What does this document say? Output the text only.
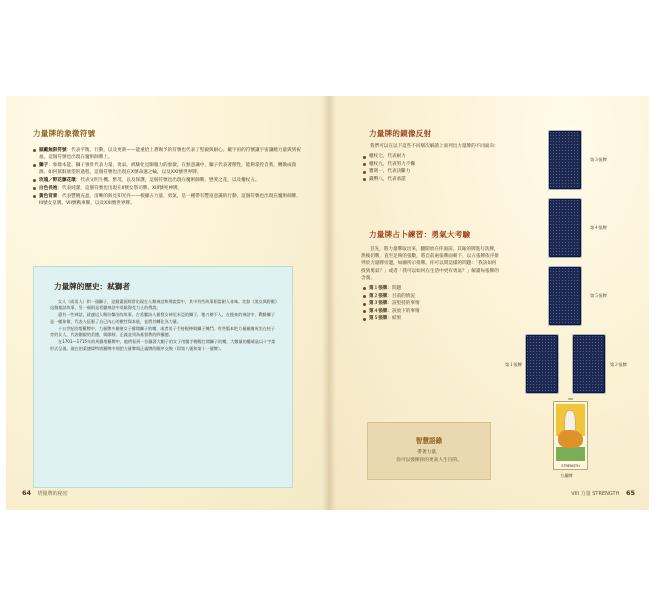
力量牌的象徵符號
頭戴無限符號：代表平衡、行動，以及更新——能重拾上蒼賜予的符號也代表了堅毅與耐心。戴宇宙的符號讓宇宙讓她力量與到祝福，這個符號也出現在魔術師牌上。
獅子：象徵本能、獅子強壯代表力量、勇氣。被馴化見馴服力的象徵。在無意識中，獅子代表著獸性，能夠掌控自我，轉換成資源。如何駕馭欲望的過程，這個符號也出現在X號命運之輪，以及XXI號世界牌。
玫瑰／野花藤花環：代表文明生機、繁茂，以及保護，這個符號也出現在魔術師牌、戀愛之花，以及權杖五。
白色長袍：代表純潔，這個符號也出現在II號女祭司牌、XIII號死神牌。
黃色背景：代表豐饒充盈，清晰的與見知光亮——根據五力量、勇氣，是一種帶有豐富意識的行動，這個符號也出現在魔術師牌、III號女皇牌、VII號戰車牌，以及XXI號世界牌。
力量牌的歷史：弒獅者

女人（或男人）和一頭獅子，這個畫面經常出現在人類神話和傳說當中，其中有些故事相當耐人尋味。比如《黑女與野獸》這個童話故事，另一個則是希臘神話中英雄海克力士的傳說。

還有一些神話，就連這人類拉傑出的故事，古希臘詩人描寫女神尼米亞的獅子，牠刀槍不入。在後來的神話中，戰勝獅子是一種象徵，代表人征服了自己內心的獸性與本能，並將其轉化為力量。

十五世紀的塔羅牌中，力量牌多描繪女子撐開獅子的嘴，或者男子手持棍棒與獅子搏鬥。有些版本把力量描繪成坐在柱子旁的女人，代表剛毅的美德，與節制、正義並列為基督教的四樞德。

在1701—1715年的馬賽塔羅牌中，她們看到一位戴著大帽子的女子用雙手輕輕打開獅子的嘴，大數量的權威是以十字架形式呈現。現在的萊德偉特塔羅牌中則把力量牌與正義牌的順序交換（即第八號和第十一號牌）。

64 塔羅牌的秘密
力量牌的鏡像反射

我們可以在以下這些不同層次解讀上面列出力量牌的不同面向：

權杖七，代表耐力
權杖九，代表努力不懈
寶劍一，代表決斷力
錢幣八，代表承諾
力量牌占卜練習：勇氣大考驗

首先，將力量牌取出來，翻開放在你面前。其餘的牌進行洗牌，然後切牌，直至足夠的張數，將自前兩張牌面朝下，以五張牌依序排列於力量牌旁邊，如圖所示排牌。你可以問這樣的問題：「我該如何找到勇氣？」或者「我可以如何在生活中更有勇氣？」解讀每張牌的含義。

第１張牌：問題
第２張牌：目前的情況
第３張牌：該堅持的事情
第４張牌：該放下的事情
第５張牌：結果
智慧語錄
帶著力量，
你可以發揮你的更高人生目的。
第３張牌
第４張牌
第５張牌
第１張牌	第２張牌
VIII
STRENGTH
力量牌
VIII 力量 STRENGTH 65
